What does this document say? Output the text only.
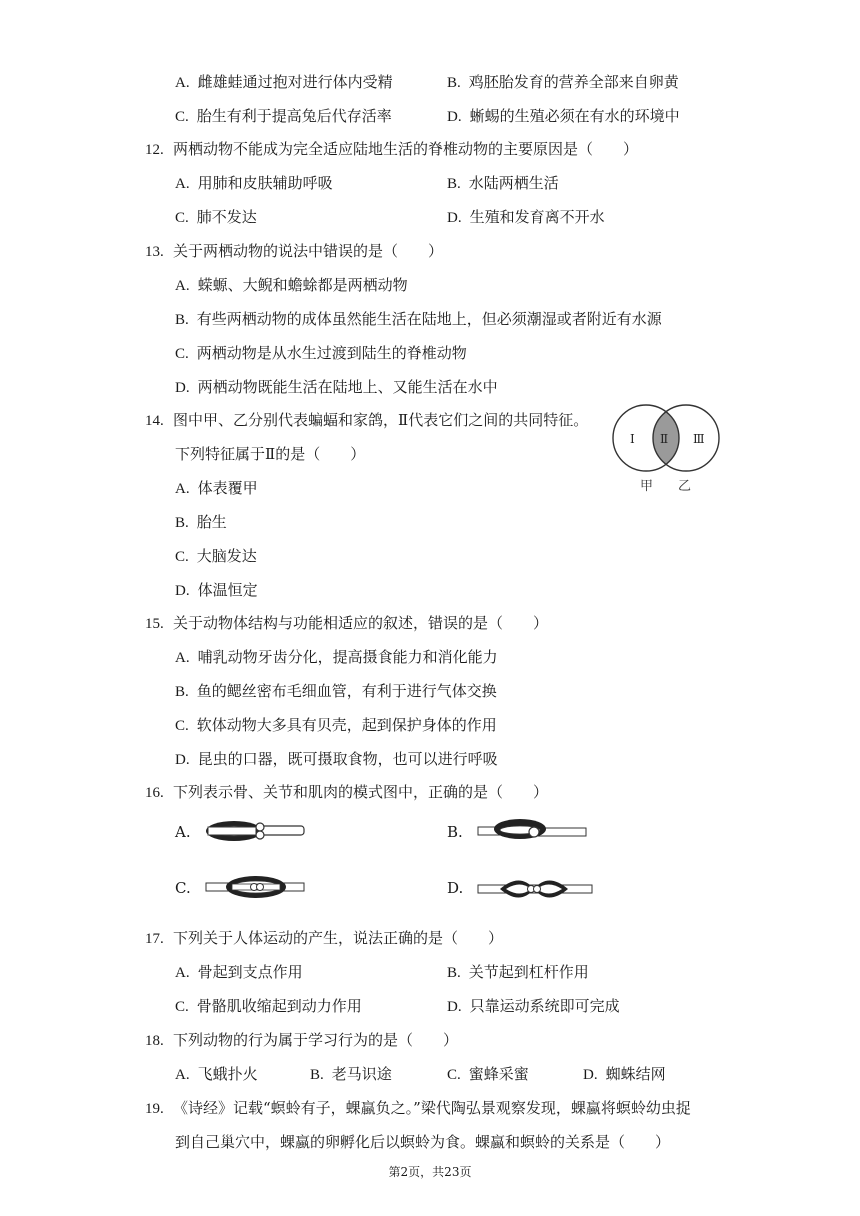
A. 雌雄蛙通过抱对进行体内受精	B. 鸡胚胎发育的营养全部来自卵黄
C. 胎生有利于提高兔后代存活率	D. 蜥蜴的生殖必须在有水的环境中
12. 两栖动物不能成为完全适应陆地生活的脊椎动物的主要原因是（　　）
A. 用肺和皮肤辅助呼吸	B. 水陆两栖生活
C. 肺不发达	D. 生殖和发育离不开水
13. 关于两栖动物的说法中错误的是（　　）
A. 蝾螈、大鲵和蟾蜍都是两栖动物
B. 有些两栖动物的成体虽然能生活在陆地上，但必须潮湿或者附近有水源
C. 两栖动物是从水生过渡到陆生的脊椎动物
D. 两栖动物既能生活在陆地上、又能生活在水中
14. 图中甲、乙分别代表蝙蝠和家鸽，Ⅱ代表它们之间的共同特征。
下列特征属于Ⅱ的是（　　）
A. 体表覆甲
B. 胎生
C. 大脑发达
D. 体温恒定
Ⅰ Ⅱ Ⅲ
甲 乙
15. 关于动物体结构与功能相适应的叙述，错误的是（　　）
A. 哺乳动物牙齿分化，提高摄食能力和消化能力
B. 鱼的鳃丝密布毛细血管，有利于进行气体交换
C. 软体动物大多具有贝壳，起到保护身体的作用
D. 昆虫的口器，既可摄取食物，也可以进行呼吸
16. 下列表示骨、关节和肌肉的模式图中，正确的是（　　）
A.	B.
C.	D.
17. 下列关于人体运动的产生，说法正确的是（　　）
A. 骨起到支点作用	B. 关节起到杠杆作用
C. 骨骼肌收缩起到动力作用	D. 只靠运动系统即可完成
18. 下列动物的行为属于学习行为的是（　　）
A. 飞蛾扑火	B. 老马识途	C. 蜜蜂采蜜	D. 蜘蛛结网
19. 《诗经》记载“螟蛉有子，蜾蠃负之。”梁代陶弘景观察发现，蜾蠃将螟蛉幼虫捉
到自己巢穴中，蜾蠃的卵孵化后以螟蛉为食。蜾蠃和螟蛉的关系是（　　）
第2页，共23页
